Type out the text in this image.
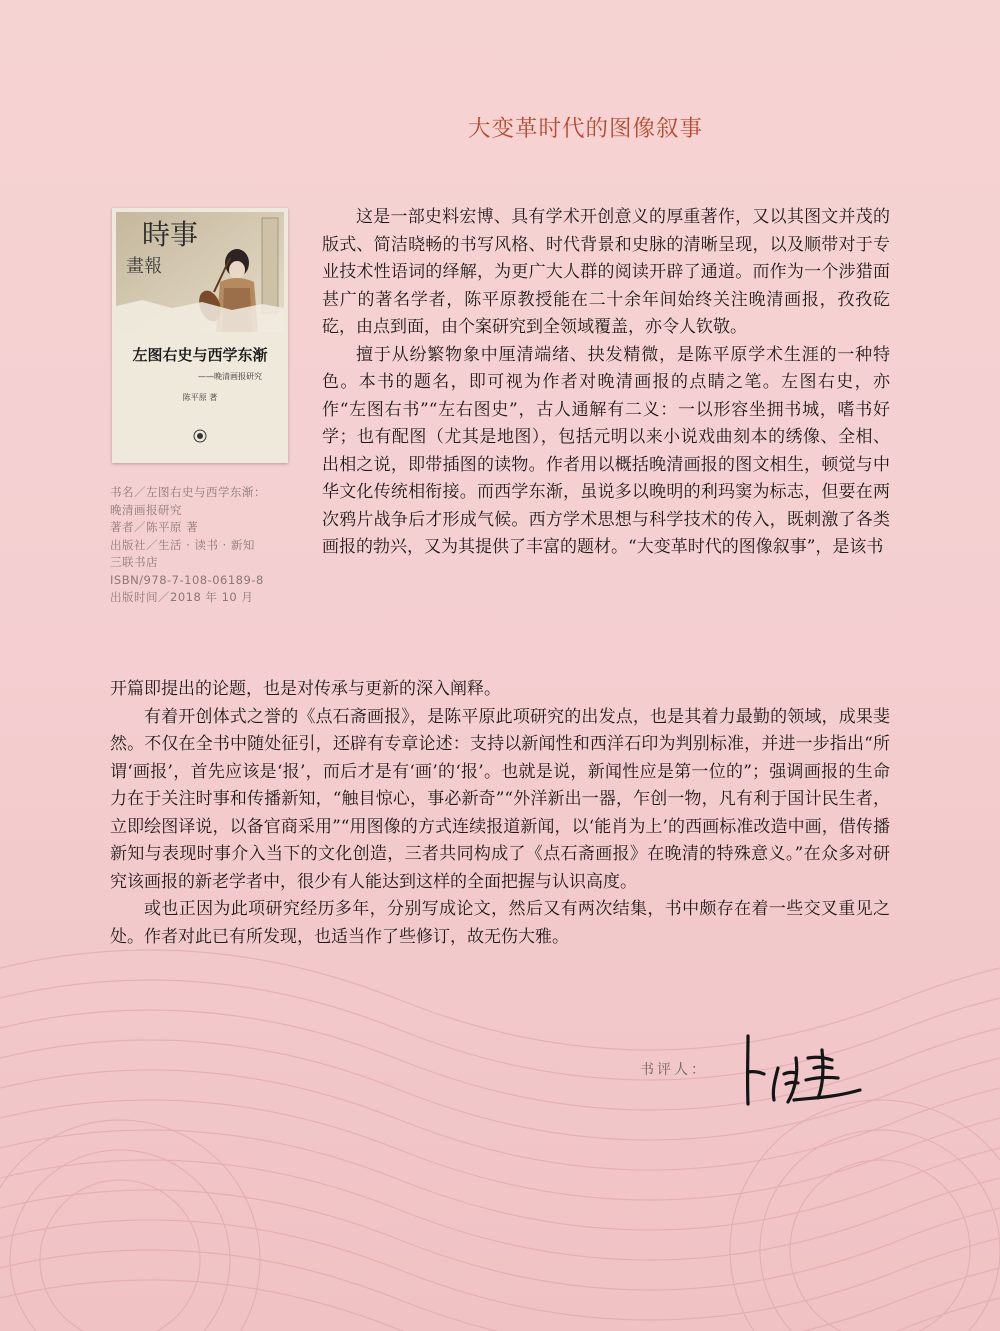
大变革时代的图像叙事
時事
畫報
左图右史与西学东渐
——晚清画报研究
陈平原 著
书名／左图右史与西学东渐：
晚清画报研究
著者／陈平原 著
出版社／生活 · 读书 · 新知
三联书店
ISBN/978-7-108-06189-8
出版时间／2018 年 10 月

这是一部史料宏博、具有学术开创意义的厚重著作，又以其图文并茂的版式、简洁晓畅的书写风格、时代背景和史脉的清晰呈现，以及顺带对于专业技术性语词的绎解，为更广大人群的阅读开辟了通道。而作为一个涉猎面甚广的著名学者，陈平原教授能在二十余年间始终关注晚清画报，孜孜矻矻，由点到面，由个案研究到全领域覆盖，亦令人钦敬。

擅于从纷繁物象中厘清端绪、抉发精微，是陈平原学术生涯的一种特色。本书的题名，即可视为作者对晚清画报的点睛之笔。左图右史，亦作“左图右书”“左右图史”，古人通解有二义：一以形容坐拥书城，嗜书好学；也有配图（尤其是地图），包括元明以来小说戏曲刻本的绣像、全相、出相之说，即带插图的读物。作者用以概括晚清画报的图文相生，顿觉与中华文化传统相衔接。而西学东渐，虽说多以晚明的利玛窦为标志，但要在两次鸦片战争后才形成气候。西方学术思想与科学技术的传入，既刺激了各类画报的勃兴，又为其提供了丰富的题材。“大变革时代的图像叙事”，是该书

开篇即提出的论题，也是对传承与更新的深入阐释。

有着开创体式之誉的《点石斋画报》，是陈平原此项研究的出发点，也是其着力最勤的领域，成果斐然。不仅在全书中随处征引，还辟有专章论述：支持以新闻性和西洋石印为判别标准，并进一步指出“所谓‘画报’，首先应该是‘报’，而后才是有‘画’的‘报’。也就是说，新闻性应是第一位的”；强调画报的生命力在于关注时事和传播新知，“触目惊心，事必新奇”“外洋新出一器，乍创一物，凡有利于国计民生者，立即绘图译说，以备官商采用”“用图像的方式连续报道新闻，以‘能肖为上’的西画标准改造中画，借传播新知与表现时事介入当下的文化创造，三者共同构成了《点石斋画报》在晚清的特殊意义。”在众多对研究该画报的新老学者中，很少有人能达到这样的全面把握与认识高度。

或也正因为此项研究经历多年，分别写成论文，然后又有两次结集，书中颇存在着一些交叉重见之处。作者对此已有所发现，也适当作了些修订，故无伤大雅。

书评人：
